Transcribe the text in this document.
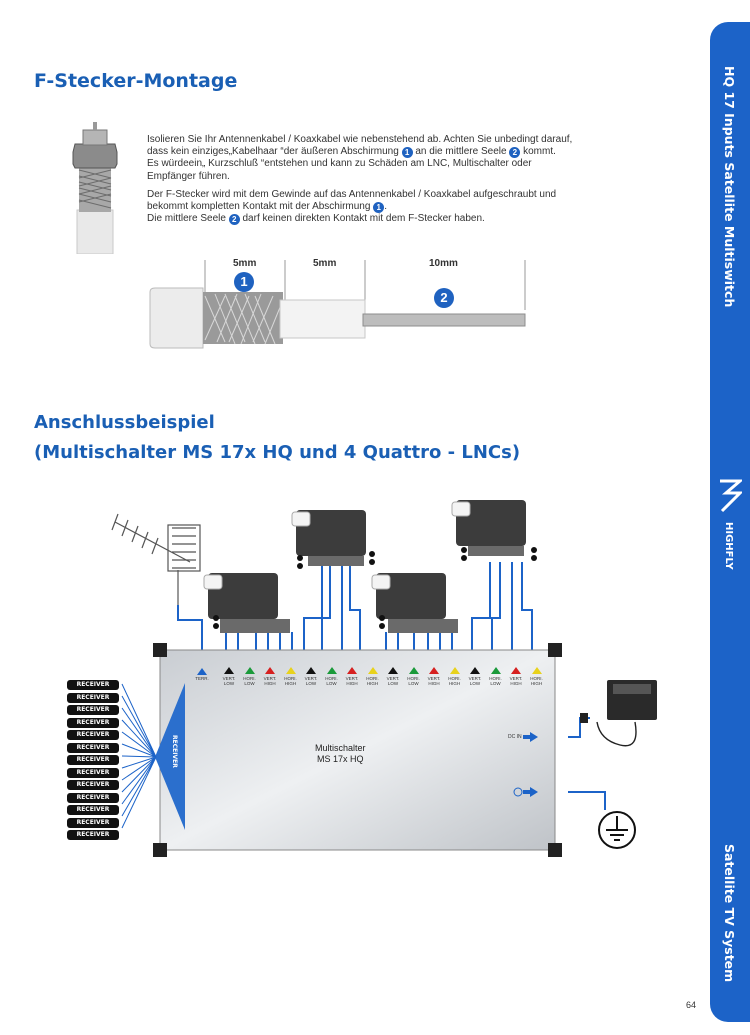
HQ 17 Inputs Satellite Multiswitch
HIGHFLY
Satellite TV System
F-Stecker-Montage

Isolieren Sie Ihr Antennenkabel / Koaxkabel wie nebenstehend ab. Achten Sie unbedingt darauf,
dass kein einziges„Kabelhaar “der äußeren Abschirmung 1 an die mittlere Seele 2 kommt.
Es würdeein„ Kurzschluß “entstehen und kann zu Schäden am LNC, Multischalter oder
Empfänger führen.

Der F-Stecker wird mit dem Gewinde auf das Antennenkabel / Koaxkabel aufgeschraubt und
bekommt kompletten Kontakt mit der Abschirmung 1 .
Die mittlere Seele 2 darf keinen direkten Kontakt mit dem F-Stecker haben.

5mm	5mm	10mm
1
2
Anschlussbeispiel
(Multischalter MS 17x HQ und 4 Quattro - LNCs)
TERR.	VERT. LOW
HORI. LOW
VERT. HIGH
HORI. HIGH
VERT. LOW
HORI. LOW
VERT. HIGH
HORI. HIGH
VERT. LOW
HORI. LOW
VERT. HIGH
HORI. HIGH
VERT. LOW
HORI. LOW
VERT. HIGH
HORI. HIGH
RECEIVER	Multischalter
MS 17x HQ
DC IN
RECEIVER
RECEIVER
RECEIVER
RECEIVER
RECEIVER
RECEIVER
RECEIVER
RECEIVER
RECEIVER
RECEIVER
RECEIVER
RECEIVER
RECEIVER
64
